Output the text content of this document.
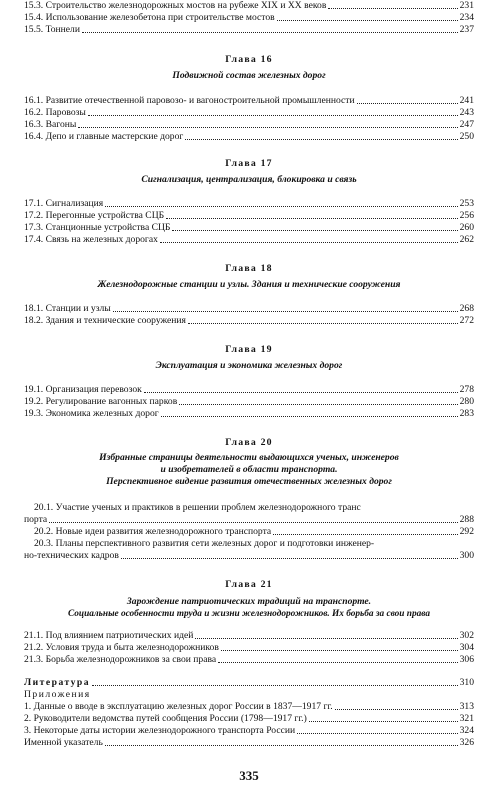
15.3. Строительство железнодорожных мостов на рубеже XIX и XX веков	231
15.4. Использование железобетона при строительстве мостов	234
15.5. Тоннели	237
Глава 16
Подвижной состав железных дорог
16.1. Развитие отечественной паровозо- и вагоностроительной промышленности	241
16.2. Паровозы	243
16.3. Вагоны	247
16.4. Депо и главные мастерские дорог	250
Глава 17
Сигнализация, централизация, блокировка и связь
17.1. Сигнализация	253
17.2. Перегонные устройства СЦБ	256
17.3. Станционные устройства СЦБ	260
17.4. Связь на железных дорогах	262
Глава 18
Железнодорожные станции и узлы. Здания и технические сооружения
18.1. Станции и узлы	268
18.2. Здания и технические сооружения	272
Глава 19
Эксплуатация и экономика железных дорог
19.1. Организация перевозок	278
19.2. Регулирование вагонных парков	280
19.3. Экономика железных дорог	283
Глава 20
Избранные страницы деятельности выдающихся ученых, инженеров
и изобретателей в области транспорта.
Перспективное видение развития отечественных железных дорог
20.1. Участие ученых и практиков в решении проблем железнодорожного транс
порта	288
20.2. Новые идеи развития железнодорожного транспорта	292
20.3. Планы перспективного развития сети железных дорог и подготовки инженер-
но-технических кадров	300
Глава 21
Зарождение патриотических традиций на транспорте.
Социальные особенности труда и жизни железнодорожников. Их борьба за свои права
21.1. Под влиянием патриотических идей	302
21.2. Условия труда и быта железнодорожников	304
21.3. Борьба железнодорожников за свои права	306
Литература	310
Приложения
1. Данные о вводе в эксплуатацию железных дорог России в 1837—1917 гг.	313
2. Руководители ведомства путей сообщения России (1798—1917 гг.)	321
3. Некоторые даты истории железнодорожного транспорта России	324
Именной указатель	326
335
